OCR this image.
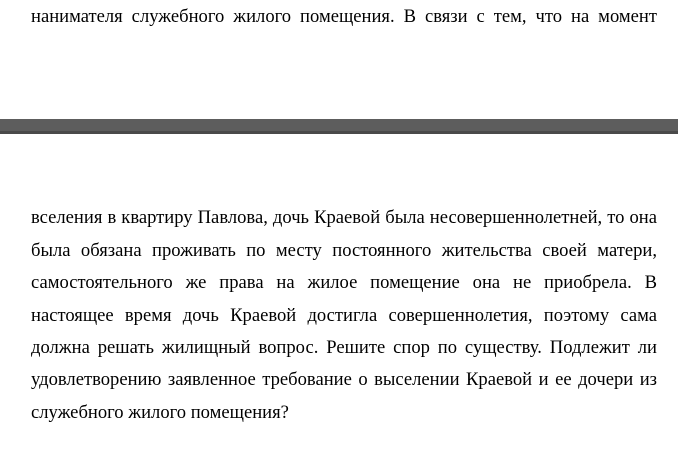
нанимателя служебного жилого помещения. В связи с тем, что на момент
вселения в квартиру Павлова, дочь Краевой была несовершеннолетней, то она
была обязана проживать по месту постоянного жительства своей матери,
самостоятельного же права на жилое помещение она не приобрела. В
настоящее время дочь Краевой достигла совершеннолетия, поэтому сама
должна решать жилищный вопрос. Решите спор по существу. Подлежит ли
удовлетворению заявленное требование о выселении Краевой и ее дочери из
служебного жилого помещения?
